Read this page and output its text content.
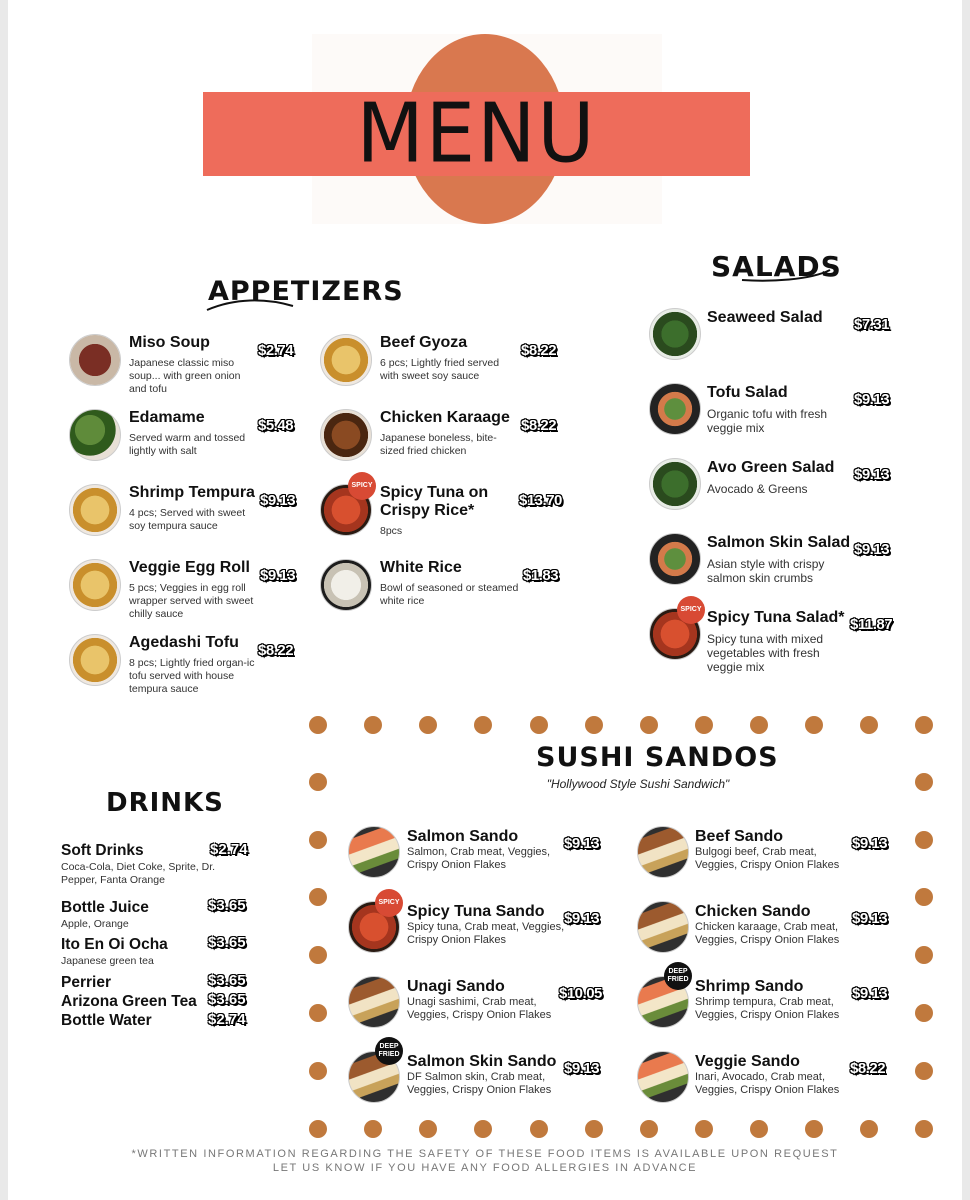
MENU
APPETIZERS
SALADS
DRINKS
SUSHI SANDOS
"Hollywood Style Sushi Sandwich"
Miso Soup
Japanese classic miso soup... with green onion and tofu
$2.74
Edamame
Served warm and tossed lightly with salt
$5.48
Shrimp Tempura
4 pcs; Served with sweet soy tempura sauce
$9.13
Veggie Egg Roll
5 pcs; Veggies in egg roll wrapper served with sweet chilly sauce
$9.13
Agedashi Tofu
8 pcs; Lightly fried organ-ic tofu served with house tempura sauce
$8.22
Beef Gyoza
6 pcs; Lightly fried served with sweet soy sauce
$8.22
Chicken Karaage
Japanese boneless, bite-sized fried chicken
$8.22
SPICY Spicy Tuna on Crispy Rice*
8pcs
$13.70
White Rice
Bowl of seasoned or steamed white rice
$1.83
Seaweed Salad $7.31
Tofu Salad
Organic tofu with fresh veggie mix
$9.13
Avo Green Salad
Avocado & Greens
$9.13
Salmon Skin Salad
Asian style with crispy salmon skin crumbs
$9.13
SPICY Spicy Tuna Salad*
Spicy tuna with mixed vegetables with fresh veggie mix
$11.87
Soft Drinks
Coca-Cola, Diet Coke, Sprite, Dr. Pepper, Fanta Orange
$2.74
Bottle Juice
Apple, Orange
$3.65
Ito En Oi Ocha
Japanese green tea
$3.65
Perrier	$3.65
Arizona Green Tea $3.65
Bottle Water	$2.74
Salmon Sando
Salmon, Crab meat, Veggies, Crispy Onion Flakes
$9.13
SPICY
Spicy Tuna Sando
Spicy tuna, Crab meat, Veggies, Crispy Onion Flakes
$9.13
Unagi Sando
Unagi sashimi, Crab meat, Veggies, Crispy Onion Flakes
$10.05
DEEP FRIED Salmon Skin Sando
DF Salmon skin, Crab meat, Veggies, Crispy Onion Flakes
$9.13
Beef Sando
Bulgogi beef, Crab meat, Veggies, Crispy Onion Flakes
$9.13
Chicken Sando
Chicken karaage, Crab meat, Veggies, Crispy Onion Flakes
$9.13
DEEP FRIED Shrimp Sando
Shrimp tempura, Crab meat, Veggies, Crispy Onion Flakes
$9.13
Veggie Sando
Inari, Avocado, Crab meat, Veggies, Crispy Onion Flakes
$8.22
*WRITTEN INFORMATION REGARDING THE SAFETY OF THESE FOOD ITEMS IS AVAILABLE UPON REQUEST
LET US KNOW IF YOU HAVE ANY FOOD ALLERGIES IN ADVANCE
